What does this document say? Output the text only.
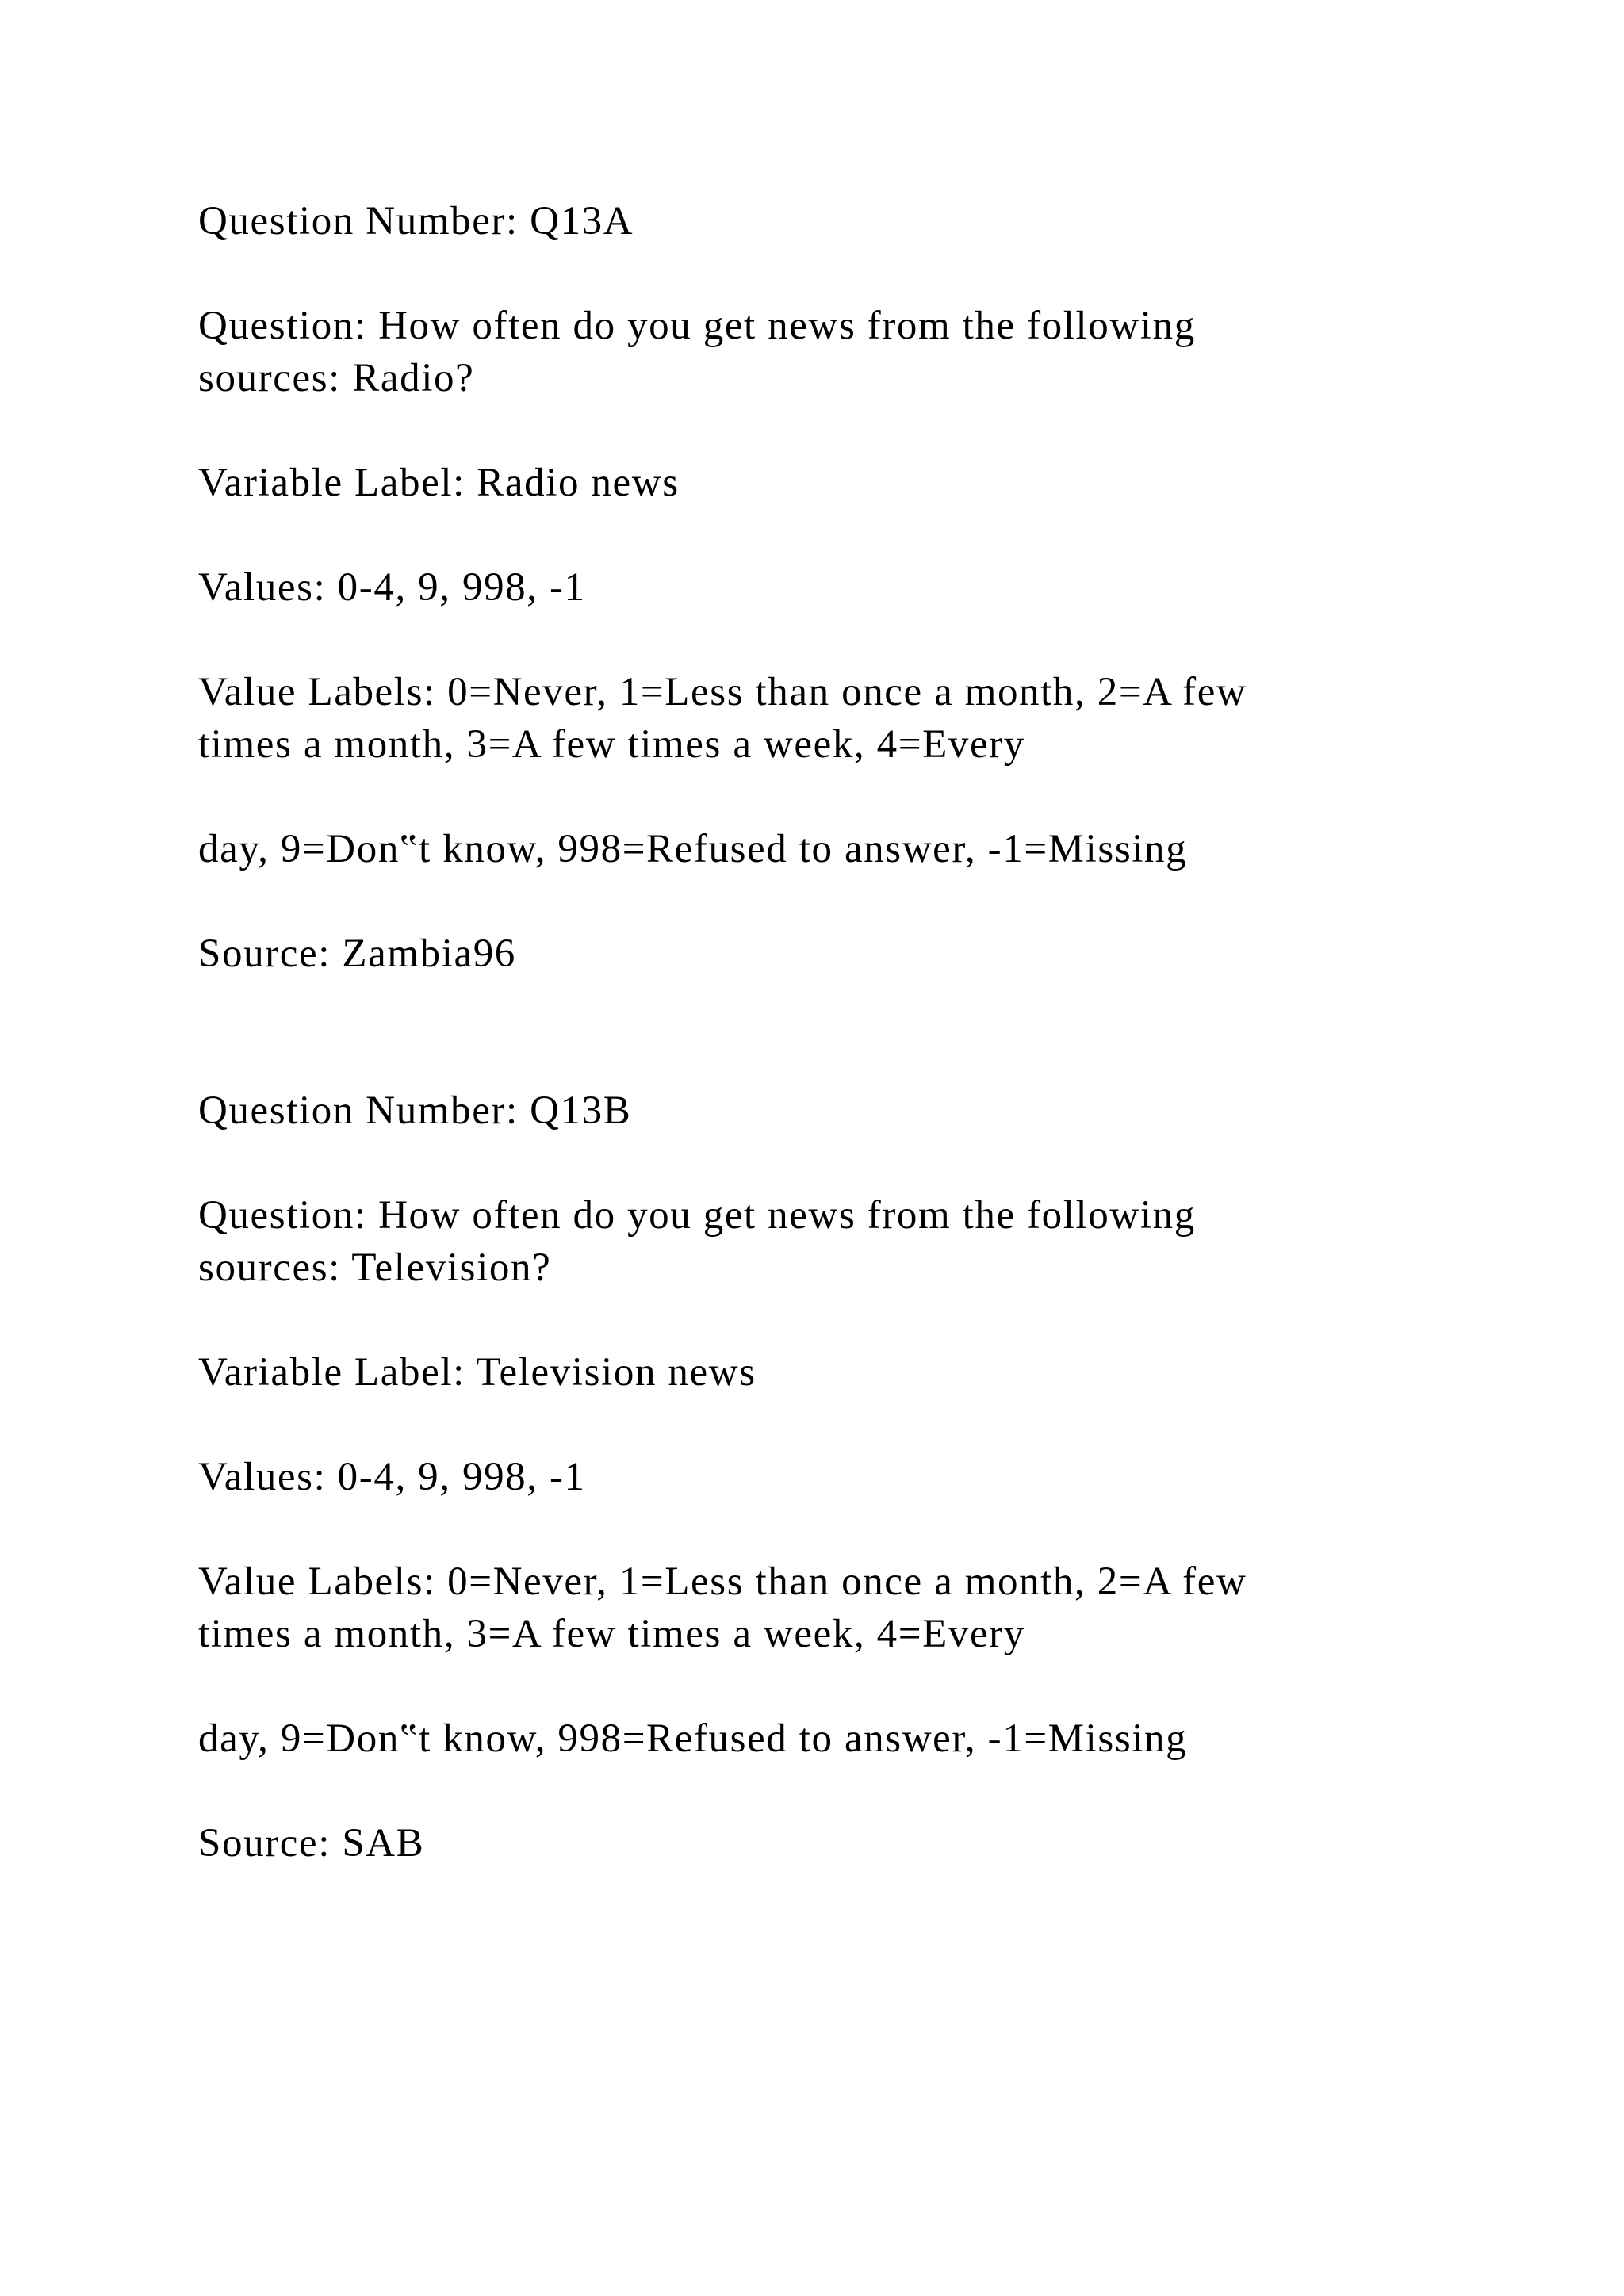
Question Number: Q13A

Question: How often do you get news from the following

sources: Radio?

Variable Label: Radio news

Values: 0-4, 9, 998, -1

Value Labels: 0=Never, 1=Less than once a month, 2=A few

times a month, 3=A few times a week, 4=Every

day, 9=Don‟t know, 998=Refused to answer, -1=Missing

Source: Zambia96

Question Number: Q13B

Question: How often do you get news from the following

sources: Television?

Variable Label: Television news

Values: 0-4, 9, 998, -1

Value Labels: 0=Never, 1=Less than once a month, 2=A few

times a month, 3=A few times a week, 4=Every

day, 9=Don‟t know, 998=Refused to answer, -1=Missing

Source: SAB
